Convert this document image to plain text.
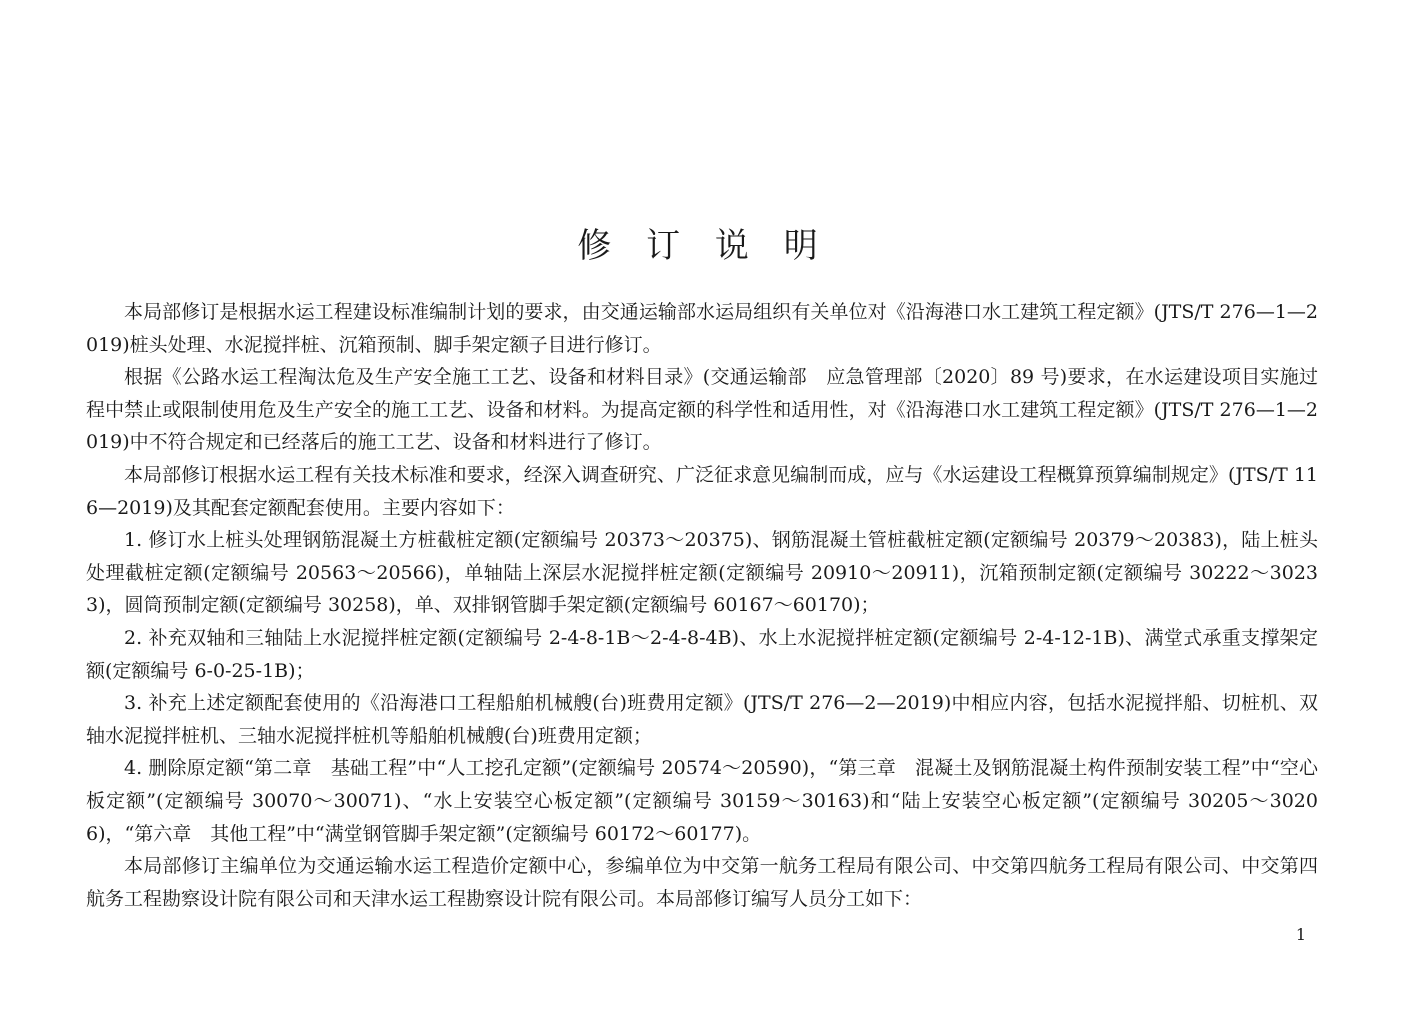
修 订 说 明

本局部修订是根据水运工程建设标准编制计划的要求，由交通运输部水运局组织有关单位对《沿海港口水工建筑工程定额》(JTS/T 276—1—2019)桩头处理、水泥搅拌桩、沉箱预制、脚手架定额子目进行修订。

根据《公路水运工程淘汰危及生产安全施工工艺、设备和材料目录》(交通运输部　应急管理部〔2020〕89 号)要求，在水运建设项目实施过程中禁止或限制使用危及生产安全的施工工艺、设备和材料。为提高定额的科学性和适用性，对《沿海港口水工建筑工程定额》(JTS/T 276—1—2019)中不符合规定和已经落后的施工工艺、设备和材料进行了修订。

本局部修订根据水运工程有关技术标准和要求，经深入调查研究、广泛征求意见编制而成，应与《水运建设工程概算预算编制规定》(JTS/T 116—2019)及其配套定额配套使用。主要内容如下：

1. 修订水上桩头处理钢筋混凝土方桩截桩定额(定额编号 20373～20375)、钢筋混凝土管桩截桩定额(定额编号 20379～20383)，陆上桩头处理截桩定额(定额编号 20563～20566)，单轴陆上深层水泥搅拌桩定额(定额编号 20910～20911)，沉箱预制定额(定额编号 30222～30233)，圆筒预制定额(定额编号 30258)，单、双排钢管脚手架定额(定额编号 60167～60170)；

2. 补充双轴和三轴陆上水泥搅拌桩定额(定额编号 2-4-8-1B～2-4-8-4B)、水上水泥搅拌桩定额(定额编号 2-4-12-1B)、满堂式承重支撑架定额(定额编号 6-0-25-1B)；

3. 补充上述定额配套使用的《沿海港口工程船舶机械艘(台)班费用定额》(JTS/T 276—2—2019)中相应内容，包括水泥搅拌船、切桩机、双轴水泥搅拌桩机、三轴水泥搅拌桩机等船舶机械艘(台)班费用定额；

4. 删除原定额“第二章　基础工程”中“人工挖孔定额”(定额编号 20574～20590)，“第三章　混凝土及钢筋混凝土构件预制安装工程”中“空心板定额”(定额编号 30070～30071)、“水上安装空心板定额”(定额编号 30159～30163)和“陆上安装空心板定额”(定额编号 30205～30206)，“第六章　其他工程”中“满堂钢管脚手架定额”(定额编号 60172～60177)。

本局部修订主编单位为交通运输水运工程造价定额中心，参编单位为中交第一航务工程局有限公司、中交第四航务工程局有限公司、中交第四航务工程勘察设计院有限公司和天津水运工程勘察设计院有限公司。本局部修订编写人员分工如下：

1
